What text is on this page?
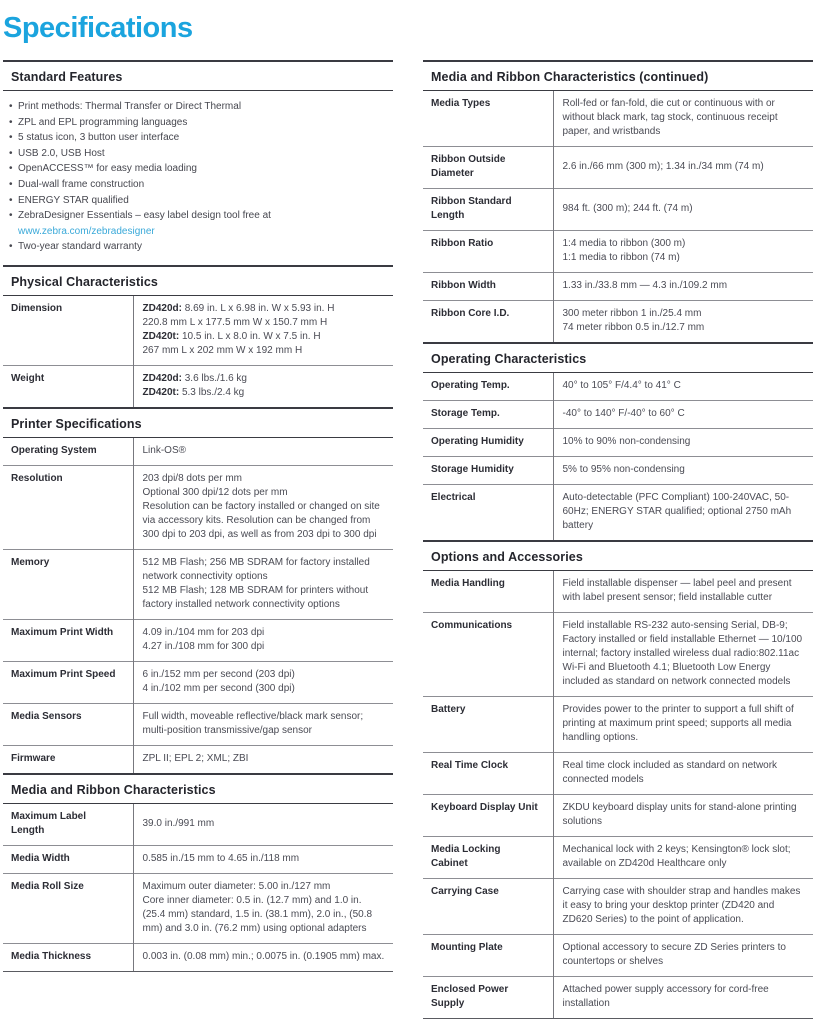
Specifications
Standard Features
• Print methods: Thermal Transfer or Direct Thermal
• ZPL and EPL programming languages
• 5 status icon, 3 button user interface
• USB 2.0, USB Host
• OpenACCESS™ for easy media loading
• Dual-wall frame construction
• ENERGY STAR qualified
• ZebraDesigner Essentials – easy label design tool free at
www.zebra.com/zebradesigner
• Two-year standard warranty
Physical Characteristics
Dimension	ZD420d: 8.69 in. L x 6.98 in. W x 5.93 in. H
220.8 mm L x 177.5 mm W x 150.7 mm H
ZD420t: 10.5 in. L x 8.0 in. W x 7.5 in. H
267 mm L x 202 mm W x 192 mm H

Weight	ZD420d: 3.6 lbs./1.6 kg
ZD420t: 5.3 lbs./2.4 kg
Printer Specifications
Operating System	Link-OS®

Resolution	203 dpi/8 dots per mm
Optional 300 dpi/12 dots per mm
Resolution can be factory installed or changed on site via accessory kits. Resolution can be changed from 300 dpi to 203 dpi, as well as from 203 dpi to 300 dpi

Memory	512 MB Flash; 256 MB SDRAM for factory installed network connectivity options
512 MB Flash; 128 MB SDRAM for printers without factory installed network connectivity options

Maximum Print Width	4.09 in./104 mm for 203 dpi
4.27 in./108 mm for 300 dpi

Maximum Print Speed	6 in./152 mm per second (203 dpi)
4 in./102 mm per second (300 dpi)

Media Sensors	Full width, moveable reflective/black mark sensor; multi-position transmissive/gap sensor

Firmware	ZPL II; EPL 2; XML; ZBI
Media and Ribbon Characteristics
Maximum Label Length	39.0 in./991 mm

Media Width	0.585 in./15 mm to 4.65 in./118 mm

Media Roll Size	Maximum outer diameter: 5.00 in./127 mm
Core inner diameter: 0.5 in. (12.7 mm) and 1.0 in. (25.4 mm) standard, 1.5 in. (38.1 mm), 2.0 in., (50.8 mm) and 3.0 in. (76.2 mm) using optional adapters

Media Thickness	0.003 in. (0.08 mm) min.; 0.0075 in. (0.1905 mm) max.
Media and Ribbon Characteristics (continued)
Media Types	Roll-fed or fan-fold, die cut or continuous with or without black mark, tag stock, continuous receipt paper, and wristbands

Ribbon Outside Diameter	2.6 in./66 mm (300 m); 1.34 in./34 mm (74 m)

Ribbon Standard Length	984 ft. (300 m); 244 ft. (74 m)

Ribbon Ratio	1:4 media to ribbon (300 m)
1:1 media to ribbon (74 m)

Ribbon Width	1.33 in./33.8 mm — 4.3 in./109.2 mm

Ribbon Core I.D.	300 meter ribbon 1 in./25.4 mm
74 meter ribbon 0.5 in./12.7 mm
Operating Characteristics
Operating Temp.	40° to 105° F/4.4° to 41° C

Storage Temp.	-40° to 140° F/-40° to 60° C

Operating Humidity	10% to 90% non-condensing

Storage Humidity	5% to 95% non-condensing

Electrical	Auto-detectable (PFC Compliant) 100-240VAC, 50-60Hz; ENERGY STAR qualified; optional 2750 mAh battery
Options and Accessories
Media Handling	Field installable dispenser — label peel and present with label present sensor; field installable cutter

Communications	Field installable RS-232 auto-sensing Serial, DB-9; Factory installed or field installable Ethernet — 10/100 internal; factory installed wireless dual radio:802.11ac Wi-Fi and Bluetooth 4.1; Bluetooth Low Energy included as standard on network connected models

Battery	Provides power to the printer to support a full shift of printing at maximum print speed; supports all media handling options.

Real Time Clock	Real time clock included as standard on network connected models

Keyboard Display Unit	ZKDU keyboard display units for stand-alone printing solutions

Media Locking Cabinet	Mechanical lock with 2 keys; Kensington® lock slot; available on ZD420d Healthcare only

Carrying Case	Carrying case with shoulder strap and handles makes it easy to bring your desktop printer (ZD420 and ZD620 Series) to the point of application.

Mounting Plate	Optional accessory to secure ZD Series printers to countertops or shelves

Enclosed Power Supply	Attached power supply accessory for cord-free installation
